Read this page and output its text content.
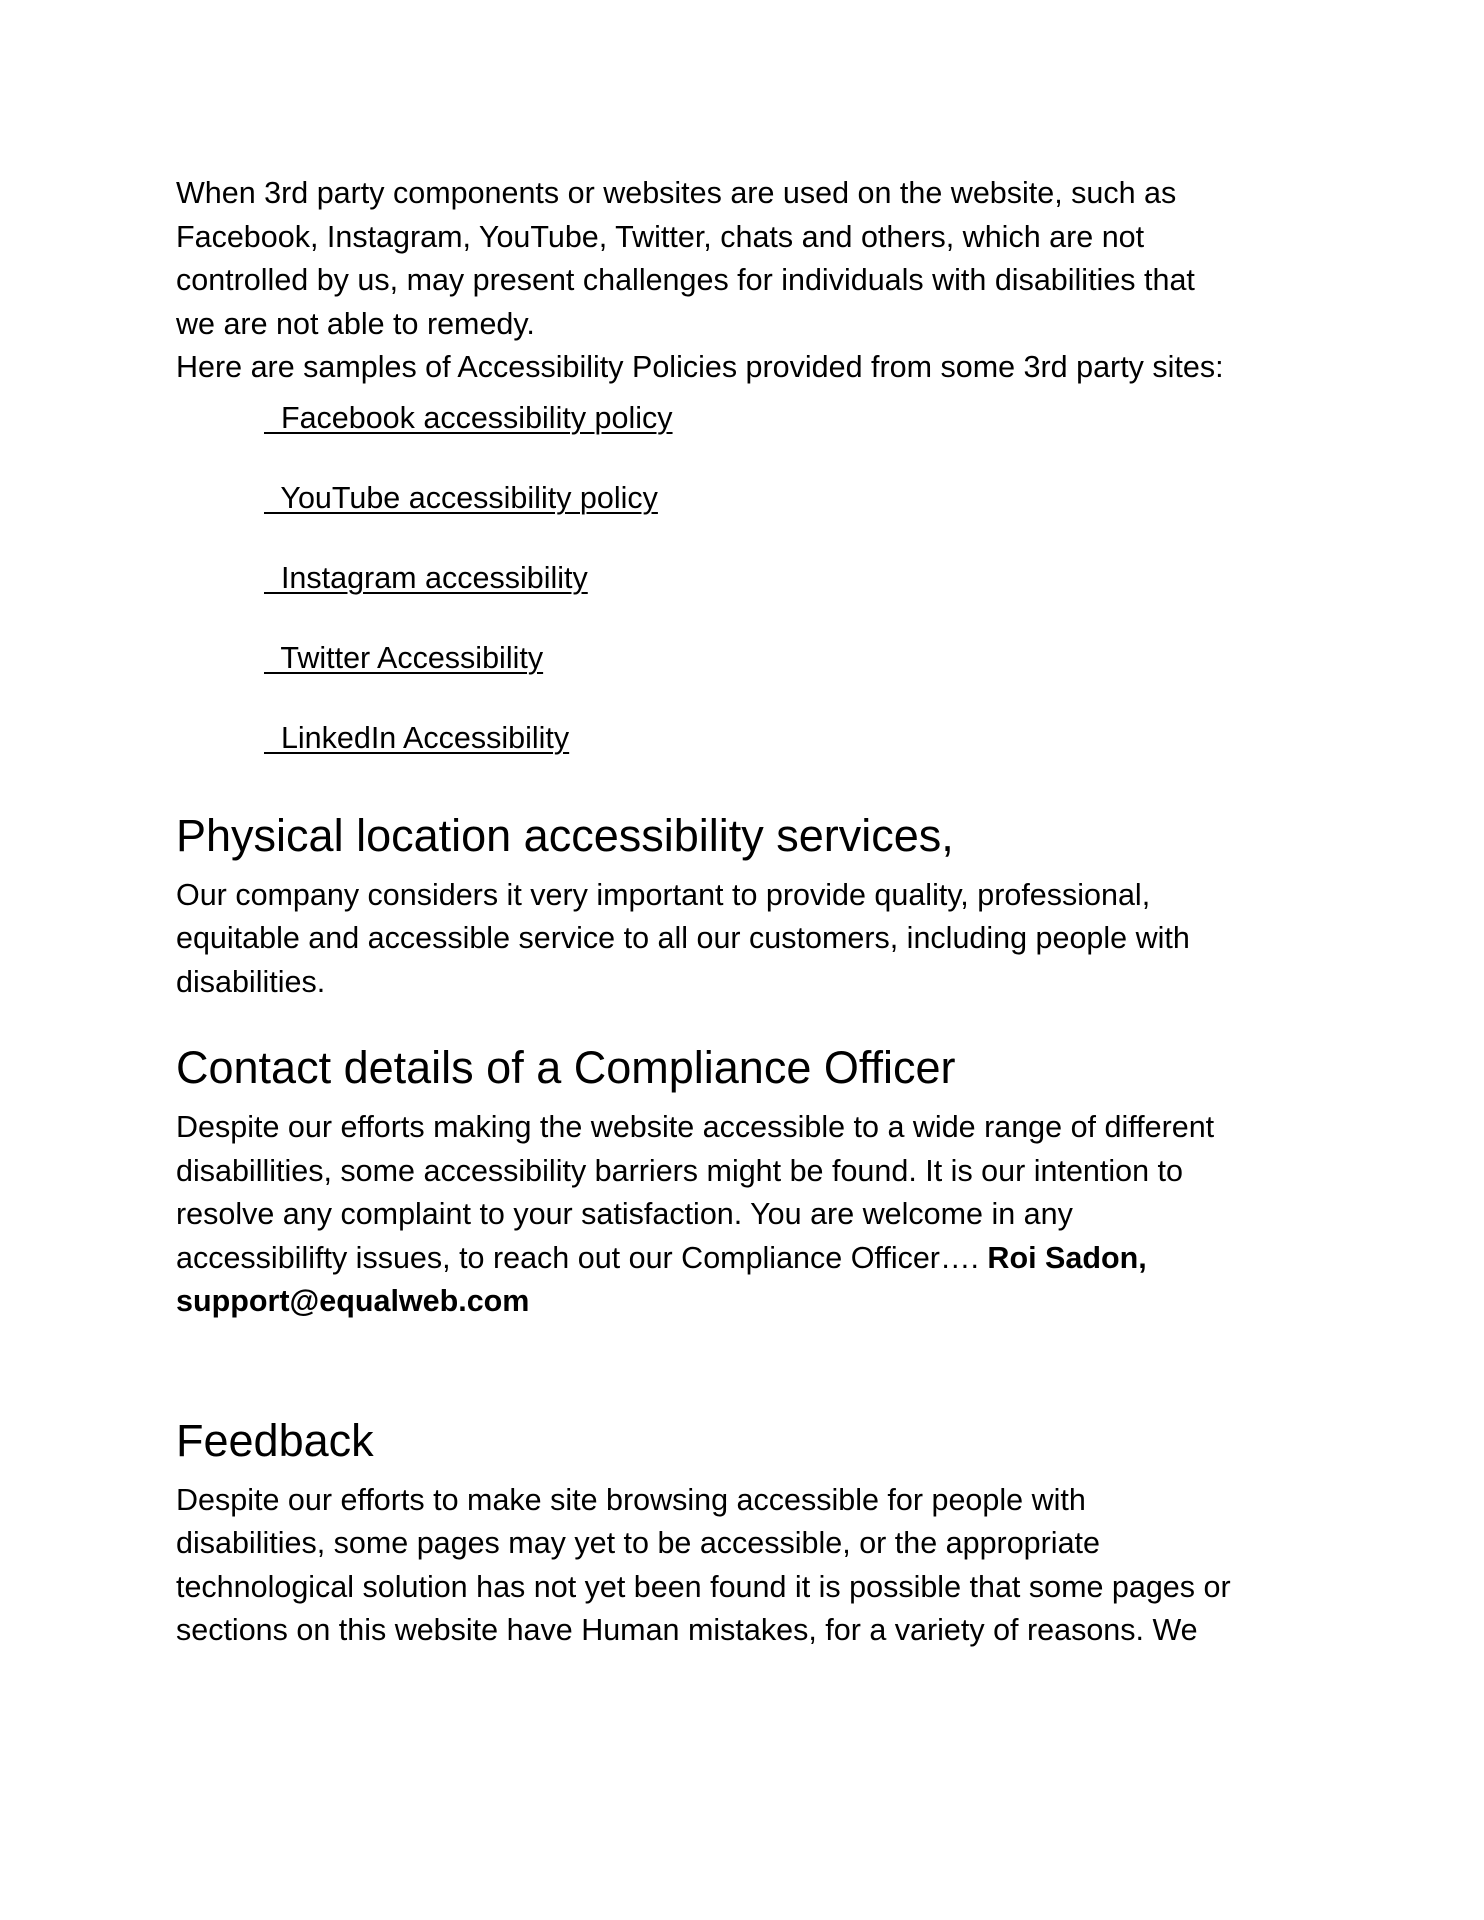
When 3rd party components or websites are used on the website, such as
Facebook, Instagram, YouTube, Twitter, chats and others, which are not
controlled by us, may present challenges for individuals with disabilities that
we are not able to remedy.
Here are samples of Accessibility Policies provided from some 3rd party sites:

Facebook accessibility policy
YouTube accessibility policy
Instagram accessibility
Twitter Accessibility
LinkedIn Accessibility
Physical location accessibility services,

Our company considers it very important to provide quality, professional,
equitable and accessible service to all our customers, including people with
disabilities.

Contact details of a Compliance Officer

Despite our efforts making the website accessible to a wide range of different
disabillities, some accessibility barriers might be found. It is our intention to
resolve any complaint to your satisfaction. You are welcome in any
accessibilifty issues, to reach out our Compliance Officer…. Roi Sadon,
support@equalweb.com

Feedback

Despite our efforts to make site browsing accessible for people with
disabilities, some pages may yet to be accessible, or the appropriate
technological solution has not yet been found it is possible that some pages or
sections on this website have Human mistakes, for a variety of reasons. We
